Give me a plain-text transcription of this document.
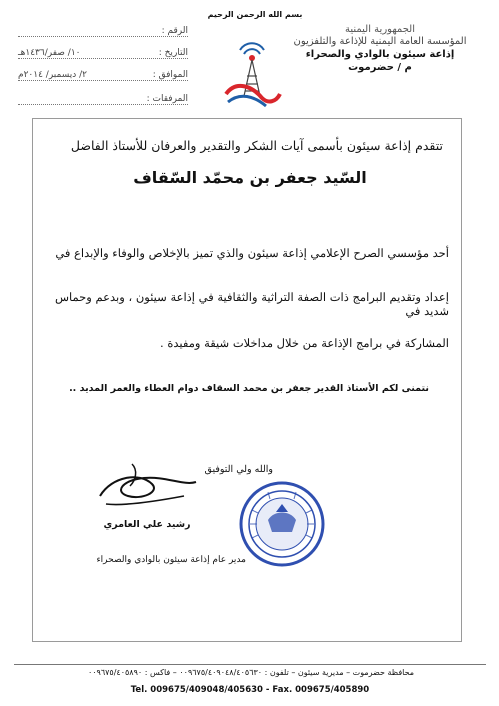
بسم الله الرحمن الرحيم
الجمهورية اليمنية
المؤسسة العامة اليمنية للإذاعة والتلفزيون
إذاعة سيئون بالوادي والصحراء
م / حضرموت
الرقم :
١٠/ صفر/١٤٣٦هـ	التاريخ :
٢/ ديسمبر/ ٢٠١٤م	الموافق :
المرفقات :
تتقدم إذاعة سيئون بأسمى آيات الشكر والتقدير والعرفان للأستاذ الفاضل
السّيد جعفر بن محمّد السّقاف
أحد مؤسسي الصرح الإعلامي إذاعة سيئون والذي تميز بالإخلاص والوفاء والإبداع في
إعداد وتقديم البرامج ذات الصفة التراثية والثقافية في إذاعة سيئون ، وبدعم وحماس شديد في
المشاركة في برامج الإذاعة من خلال مداخلات شيقة ومفيدة .
نتمنى لكم الأستاذ القدير جعفر بن محمد السقاف دوام العطاء والعمر المديد ..
والله ولي التوفيق
رشيد علي العامري
مدير عام إذاعة سيئون بالوادي والصحراء
محافظة حضرموت – مديرية سيئون – تلفون : ٠٠٩٦٧٥/٤٠٩٠٤٨/٤٠٥٦٣٠ – فاكس : ٠٠٩٦٧٥/٤٠٥٨٩٠
Tel. 009675/409048/405630 - Fax. 009675/405890
